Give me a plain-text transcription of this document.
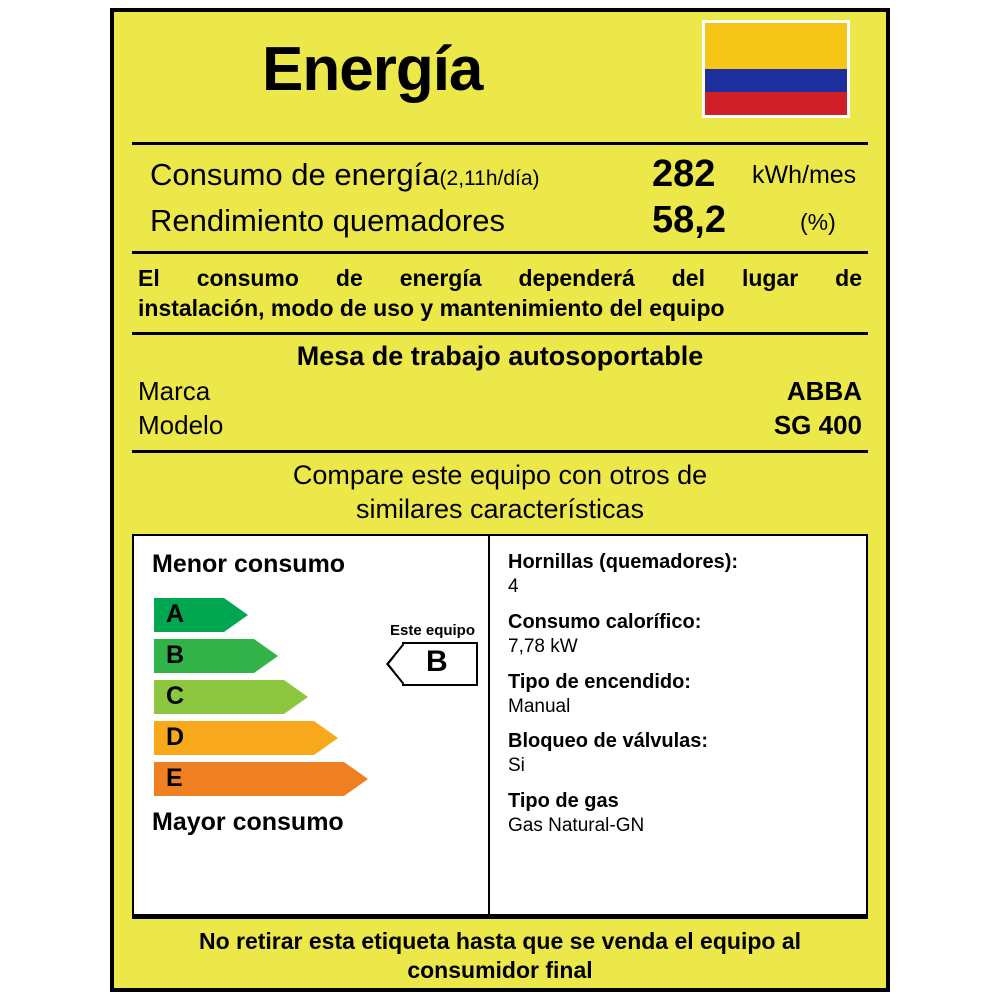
Energía
Consumo de energía(2,11h/día)	282 kWh/mes
Rendimiento quemadores	58,2	(%)
El consumo de energía dependerá del lugar de
instalación, modo de uso y mantenimiento del equipo
Mesa de trabajo autosoportable
Marca	ABBA
Modelo	SG 400
Compare este equipo con otros de
similares características
Menor consumo
Mayor consumo
A
B
C
D
E
Este equipo
B
Hornillas (quemadores):
4
Consumo calorífico:
7,78 kW
Tipo de encendido:
Manual
Bloqueo de válvulas:
Si
Tipo de gas
Gas Natural-GN
No retirar esta etiqueta hasta que se venda el equipo al
consumidor final
